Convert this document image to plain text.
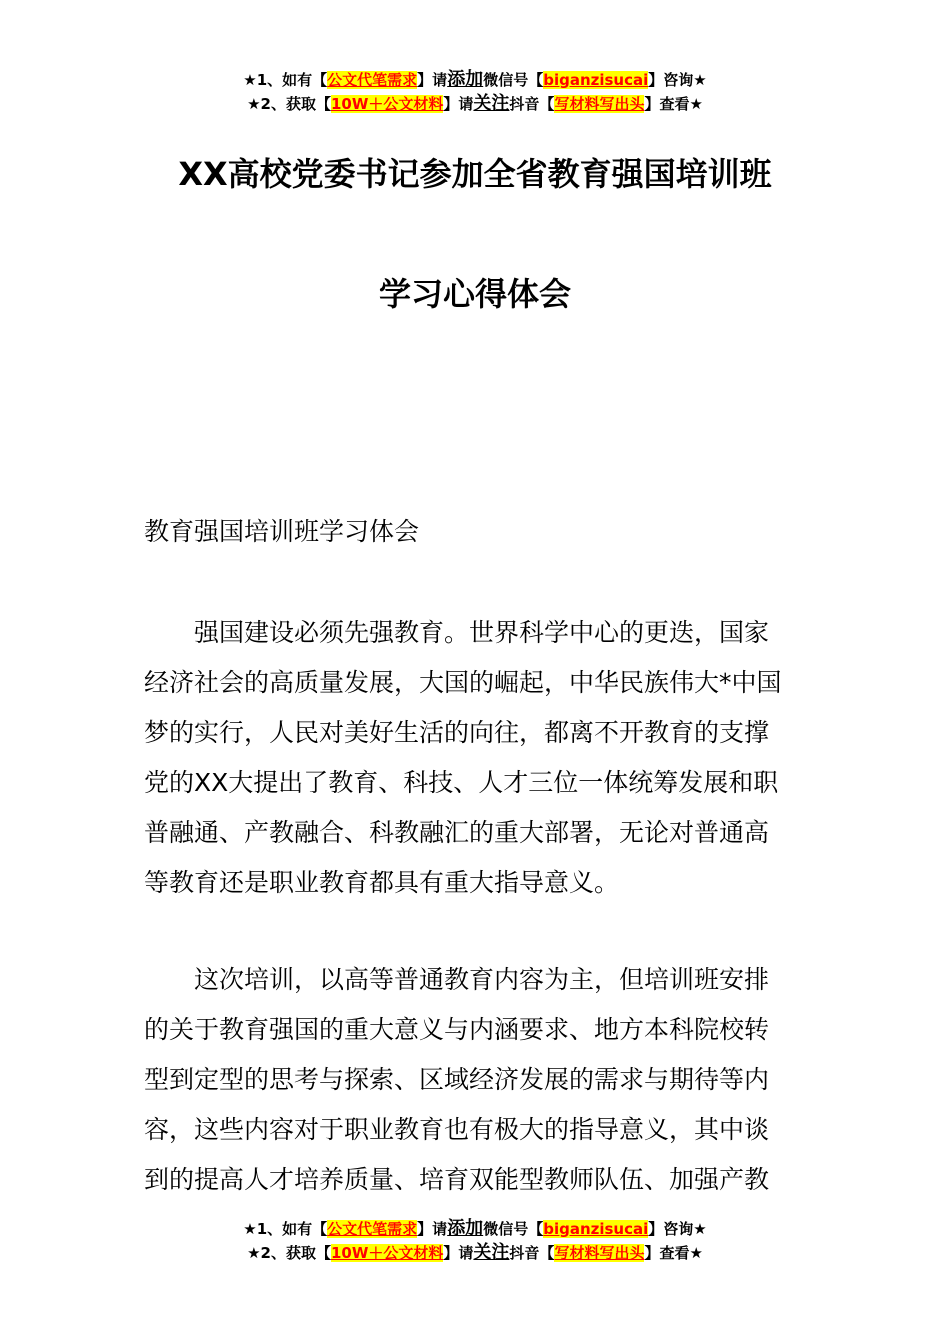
★1、如有【公文代笔需求】请添加微信号【biganzisucai】咨询★
★2、获取【10W＋公文材料】请关注抖音【写材料写出头】查看★
XX高校党委书记参加全省教育强国培训班
学习心得体会
教育强国培训班学习体会
　　强国建设必须先强教育。世界科学中心的更迭，国家
经济社会的高质量发展，大国的崛起，中华民族伟大*中国
梦的实行，人民对美好生活的向往，都离不开教育的支撑
党的XX大提出了教育、科技、人才三位一体统筹发展和职
普融通、产教融合、科教融汇的重大部署，无论对普通高
等教育还是职业教育都具有重大指导意义。
　　这次培训，以高等普通教育内容为主，但培训班安排
的关于教育强国的重大意义与内涵要求、地方本科院校转
型到定型的思考与探索、区域经济发展的需求与期待等内
容，这些内容对于职业教育也有极大的指导意义，其中谈
到的提高人才培养质量、培育双能型教师队伍、加强产教
★1、如有【公文代笔需求】请添加微信号【biganzisucai】咨询★
★2、获取【10W＋公文材料】请关注抖音【写材料写出头】查看★
